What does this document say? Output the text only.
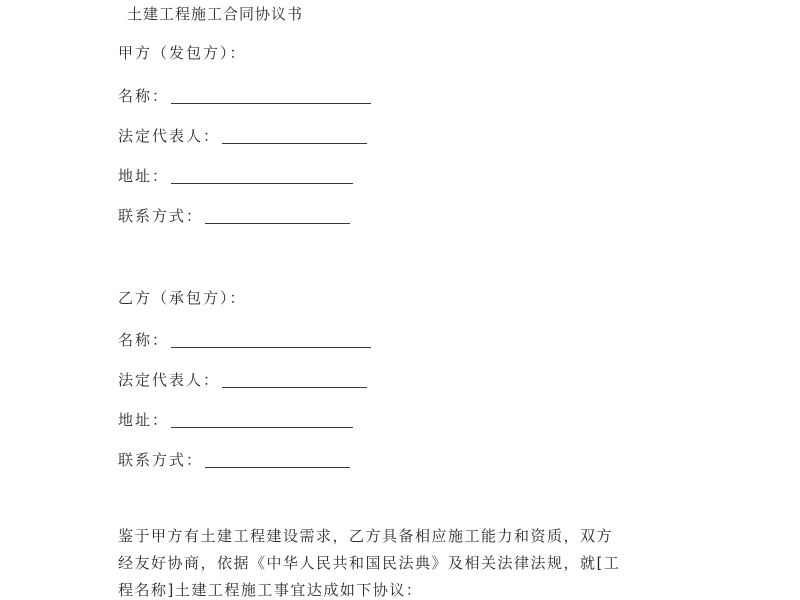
土建工程施工合同协议书
甲方（发包方）：
名称：
法定代表人：
地址：
联系方式：
乙方（承包方）：
名称：
法定代表人：
地址：
联系方式：
鉴于甲方有土建工程建设需求，乙方具备相应施工能力和资质，双方
经友好协商，依据《中华人民共和国民法典》及相关法律法规，就[工
程名称]土建工程施工事宜达成如下协议：
